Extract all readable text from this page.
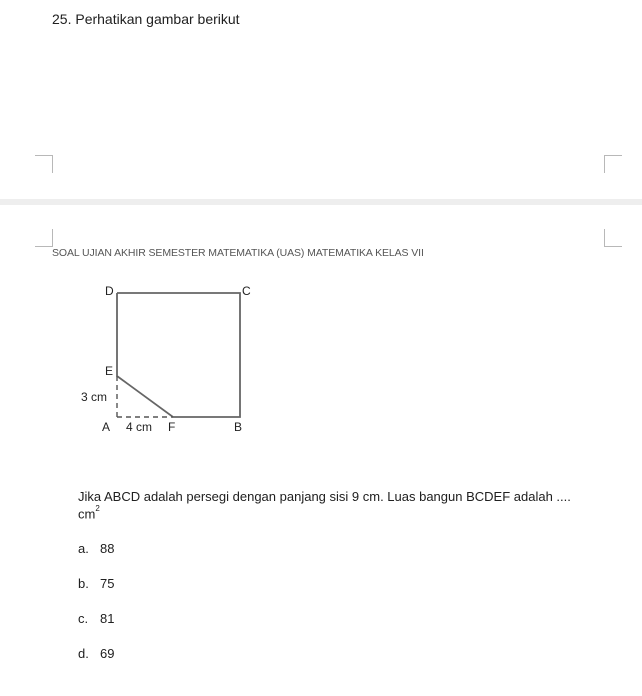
25. Perhatikan gambar berikut
SOAL UJIAN AKHIR SEMESTER MATEMATIKA (UAS) MATEMATIKA KELAS VII
D	C
E
A	F	B
3 cm
4 cm
Jika ABCD adalah persegi dengan panjang sisi 9 cm. Luas bangun BCDEF adalah ....
$cm^2$
a. 88
b. 75
c. 81
d. 69
